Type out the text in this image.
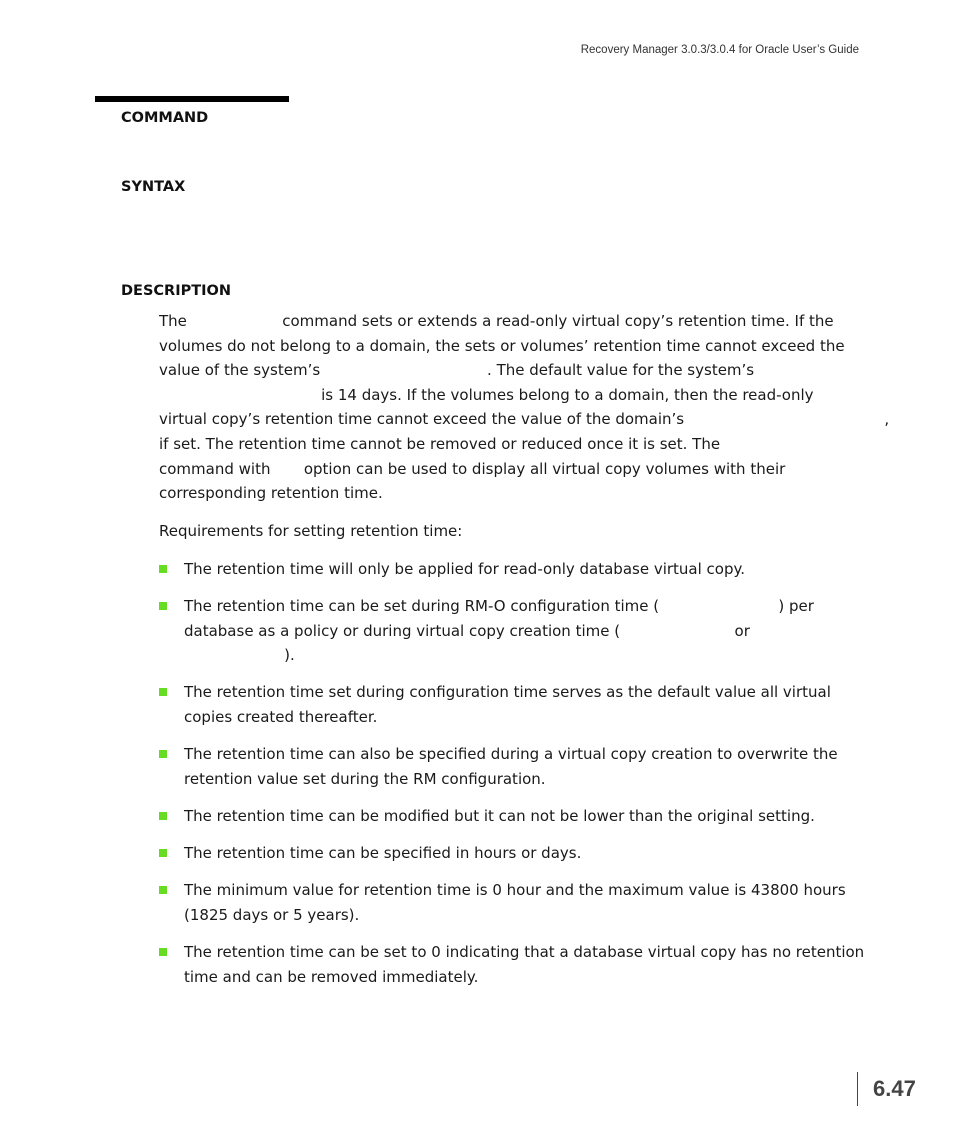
Recovery Manager 3.0.3/3.0.4 for Oracle User’s Guide
COMMAND
SYNTAX
DESCRIPTION

The                    command sets or extends a read-only virtual copy’s retention time. If the
volumes do not belong to a domain, the sets or volumes’ retention time cannot exceed the
value of the system’s                                   . The default value for the system’s
is 14 days. If the volumes belong to a domain, then the read-only
virtual copy’s retention time cannot exceed the value of the domain’s                                          ,
if set. The retention time cannot be removed or reduced once it is set. The
command with       option can be used to display all virtual copy volumes with their
corresponding retention time.

Requirements for setting retention time:

The retention time will only be applied for read-only database virtual copy.
The retention time can be set during RM-O configuration time (                         ) per
database as a policy or during virtual copy creation time (                        or
).
The retention time set during configuration time serves as the default value all virtual
copies created thereafter.
The retention time can also be specified during a virtual copy creation to overwrite the
retention value set during the RM configuration.
The retention time can be modified but it can not be lower than the original setting.
The retention time can be specified in hours or days.
The minimum value for retention time is 0 hour and the maximum value is 43800 hours
(1825 days or 5 years).
The retention time can be set to 0 indicating that a database virtual copy has no retention
time and can be removed immediately.
6.47
